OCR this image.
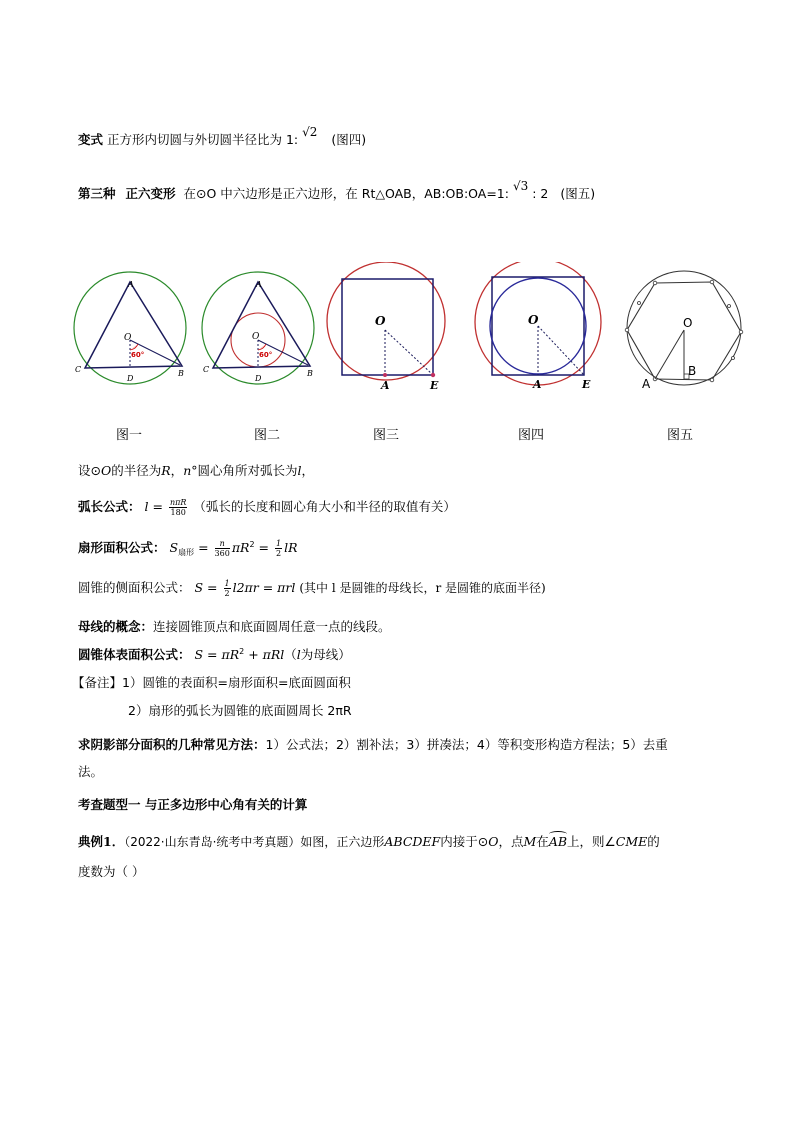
变式 正方形内切圆与外切圆半径比为 1: √2 (图四)
第三种 正六变形 在⊙O 中六边形是正六边形，在 Rt△OAB，AB:OB:OA=1: √3 : 2 (图五)
O
60°
A
C
D
B
O
60°
A
C
D
B
O
A	E
O
A	E
O
B
A
图一	图二	图三	图四	图五
设⊙O的半径为R，n°圆心角所对弧长为l，
弧长公式： $l = \frac{\text{nπR}}{180}$ （弧长的长度和圆心角大小和半径的取值有关）
扇形面积公式： $S_{扇形} = \frac{n}{360} \pi R^2 = \frac{1}{2}$ lR
圆锥的侧面积公式： $S = \frac{1}{2} l2\pi r = \pi rl$ (其中 l 是圆锥的母线长，r 是圆锥的底面半径)
母线的概念：连接圆锥顶点和底面圆周任意一点的线段。
圆锥体表面积公式： $S = \pi R^2 + \pi Rl(l$为母线）
【备注】1）圆锥的表面积=扇形面积=底面圆面积
2）扇形的弧长为圆锥的底面圆周长 2πR
求阴影部分面积的几种常见方法：1）公式法；2）割补法；3）拼凑法；4）等积变形构造方程法；5）去重
法。
考查题型一 与正多边形中心角有关的计算
典例1．（2022·山东青岛·统考中考真题）如图，正六边形ABCDEF内接于⊙O，点M在
AB上，则∠CME的
度数为（ ）
